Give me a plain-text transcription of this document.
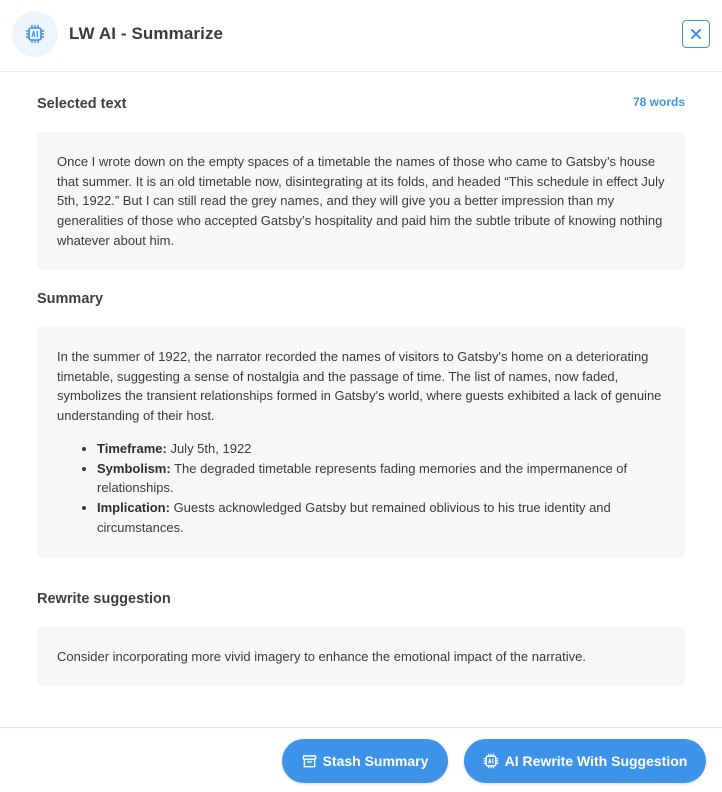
LW AI - Summarize
Selected text	78 words

Once I wrote down on the empty spaces of a timetable the names of those who came to Gatsby’s house that summer. It is an old timetable now, disintegrating at its folds, and headed “This schedule in effect July 5th, 1922.” But I can still read the grey names, and they will give you a better impression than my generalities of those who accepted Gatsby’s hospitality and paid him the subtle tribute of knowing nothing whatever about him.

Summary

In the summer of 1922, the narrator recorded the names of visitors to Gatsby's home on a deteriorating timetable, suggesting a sense of nostalgia and the passage of time. The list of names, now faded, symbolizes the transient relationships formed in Gatsby's world, where guests exhibited a lack of genuine understanding of their host.

• Timeframe: July 5th, 1922
• Symbolism: The degraded timetable represents fading memories and the impermanence of relationships.
• Implication: Guests acknowledged Gatsby but remained oblivious to his true identity and circumstances.
Rewrite suggestion

Consider incorporating more vivid imagery to enhance the emotional impact of the narrative.

Stash Summary	AI Rewrite With Suggestion
